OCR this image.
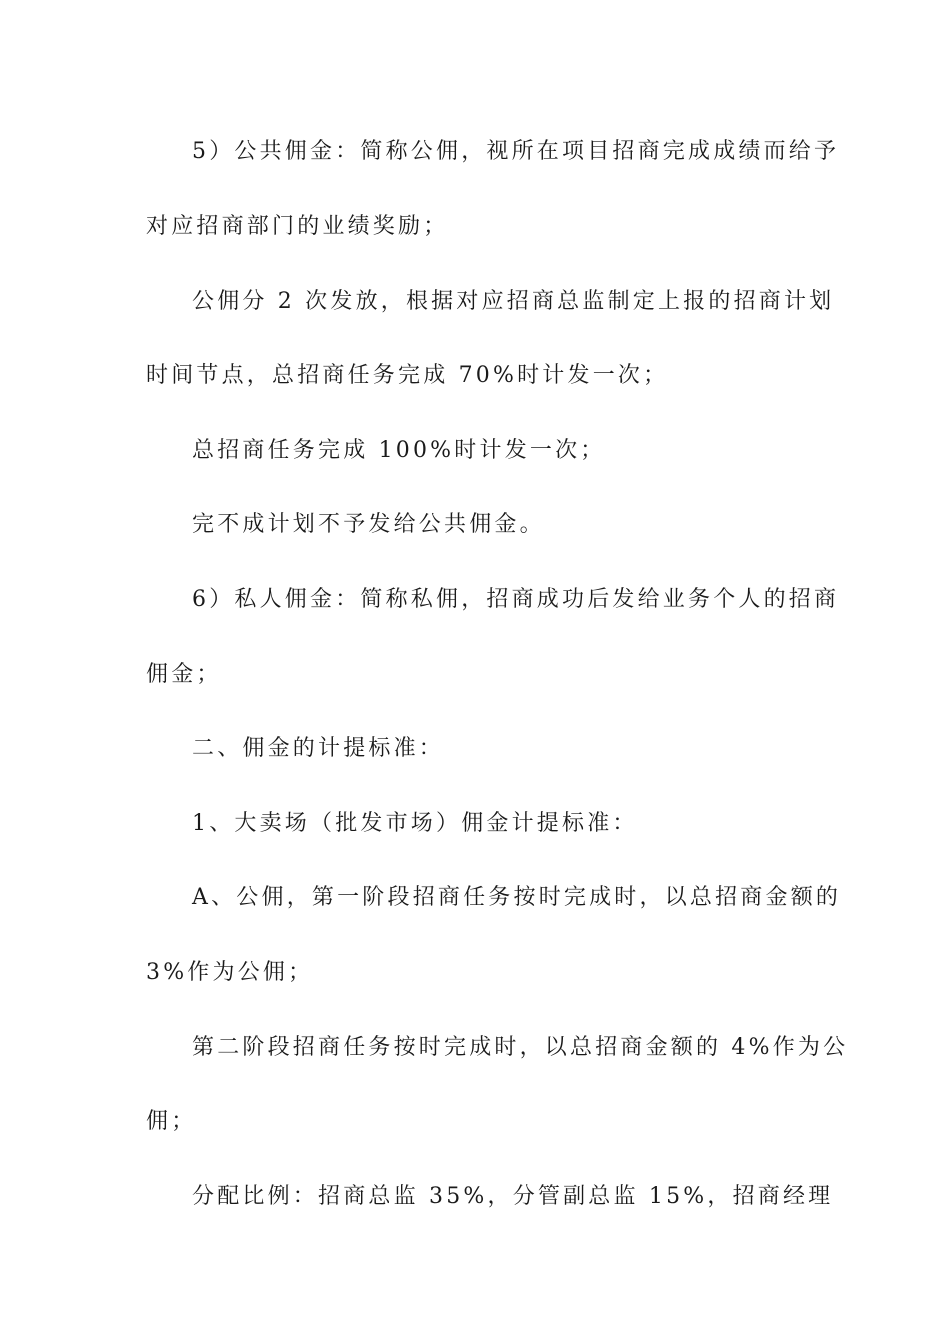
5）公共佣金：简称公佣，视所在项目招商完成成绩而给予
对应招商部门的业绩奖励；
公佣分 2 次发放，根据对应招商总监制定上报的招商计划
时间节点，总招商任务完成 70%时计发一次；
总招商任务完成 100%时计发一次；
完不成计划不予发给公共佣金。
6）私人佣金：简称私佣，招商成功后发给业务个人的招商
佣金；
二、佣金的计提标准：
1、大卖场（批发市场）佣金计提标准：
A、公佣，第一阶段招商任务按时完成时，以总招商金额的
3%作为公佣；
第二阶段招商任务按时完成时，以总招商金额的 4%作为公
佣；
分配比例：招商总监 35%，分管副总监 15%，招商经理
